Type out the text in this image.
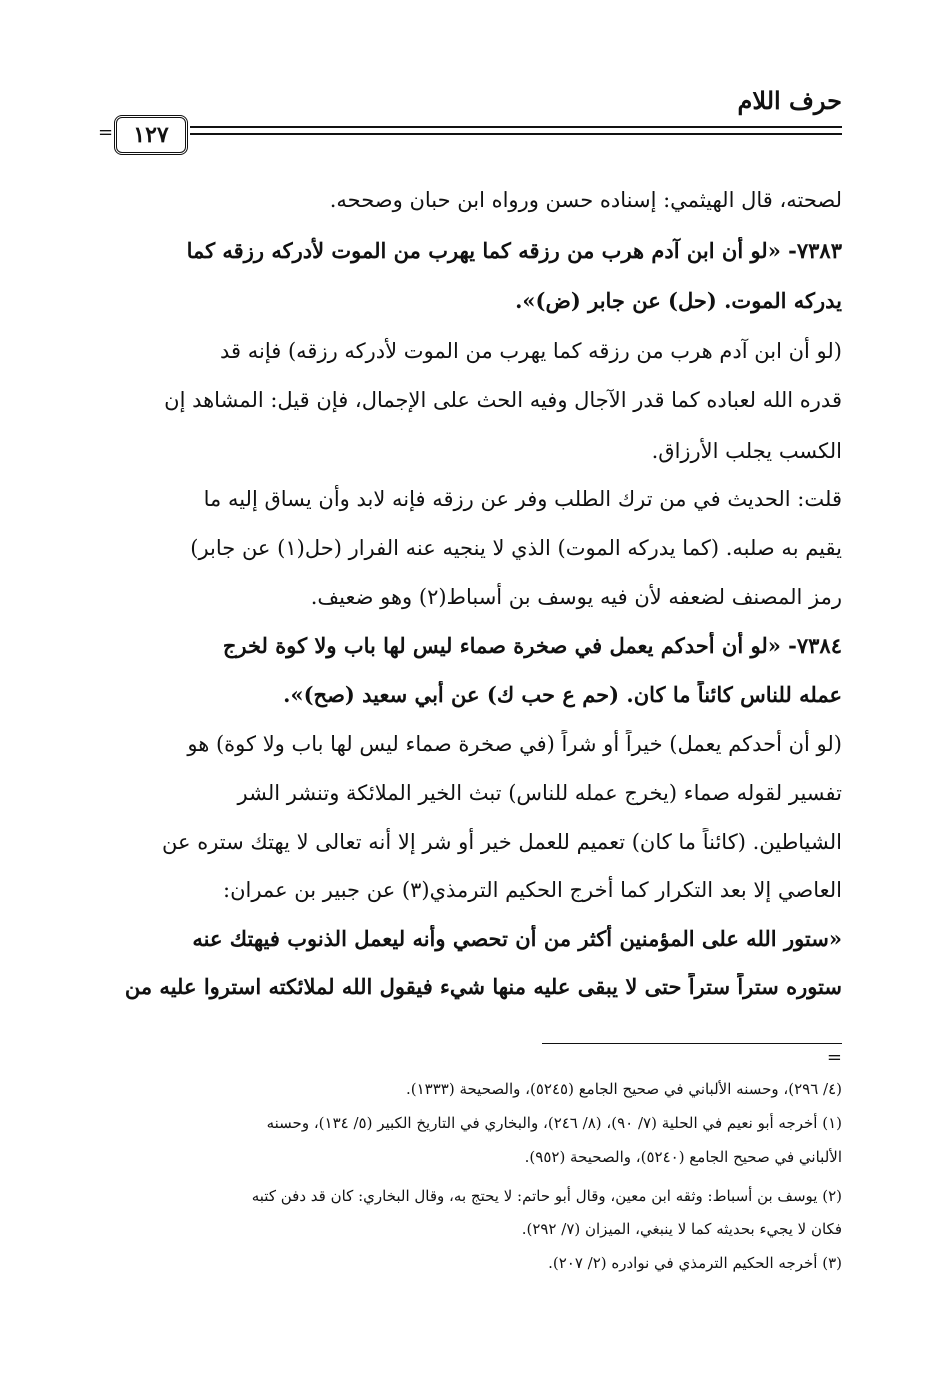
حرف اللام
١٢٧
=
لصحته، قال الهيثمي: إسناده حسن ورواه ابن حبان وصححه.
٧٣٨٣- «لو أن ابن آدم هرب من رزقه كما يهرب من الموت لأدركه رزقه كما
يدركه الموت. (حل) عن جابر (ض)».
(لو أن ابن آدم هرب من رزقه كما يهرب من الموت لأدركه رزقه) فإنه قد
قدره الله لعباده كما قدر الآجال وفيه الحث على الإجمال، فإن قيل: المشاهد إن
الكسب يجلب الأرزاق.
قلت: الحديث في من ترك الطلب وفر عن رزقه فإنه لابد وأن يساق إليه ما
يقيم به صلبه. (كما يدركه الموت) الذي لا ينجيه عنه الفرار (حل(١) عن جابر)
رمز المصنف لضعفه لأن فيه يوسف بن أسباط(٢) وهو ضعيف.
٧٣٨٤- «لو أن أحدكم يعمل في صخرة صماء ليس لها باب ولا كوة لخرج
عمله للناس كائناً ما كان. (حم ع حب ك) عن أبي سعيد (صح)».
(لو أن أحدكم يعمل) خيراً أو شراً (في صخرة صماء ليس لها باب ولا كوة) هو
تفسير لقوله صماء (يخرج عمله للناس) تبث الخير الملائكة وتنشر الشر
الشياطين. (كائناً ما كان) تعميم للعمل خير أو شر إلا أنه تعالى لا يهتك ستره عن
العاصي إلا بعد التكرار كما أخرج الحكيم الترمذي(٣) عن جبير بن عمران:
«ستور الله على المؤمنين أكثر من أن تحصي وأنه ليعمل الذنوب فيهتك عنه
ستوره ستراً ستراً حتى لا يبقى عليه منها شيء فيقول الله لملائكته استروا عليه من
=
(٤/ ٢٩٦)، وحسنه الألباني في صحيح الجامع (٥٢٤٥)، والصحيحة (١٣٣٣).
(١) أخرجه أبو نعيم في الحلية (٧/ ٩٠)، (٨/ ٢٤٦)، والبخاري في التاريخ الكبير (٥/ ١٣٤)، وحسنه
الألباني في صحيح الجامع (٥٢٤٠)، والصحيحة (٩٥٢).
(٢) يوسف بن أسباط: وثقه ابن معين، وقال أبو حاتم: لا يحتج به، وقال البخاري: كان قد دفن كتبه
فكان لا يجيء بحديثه كما لا ينبغي، الميزان (٧/ ٢٩٢).
(٣) أخرجه الحكيم الترمذي في نوادره (٢/ ٢٠٧).
